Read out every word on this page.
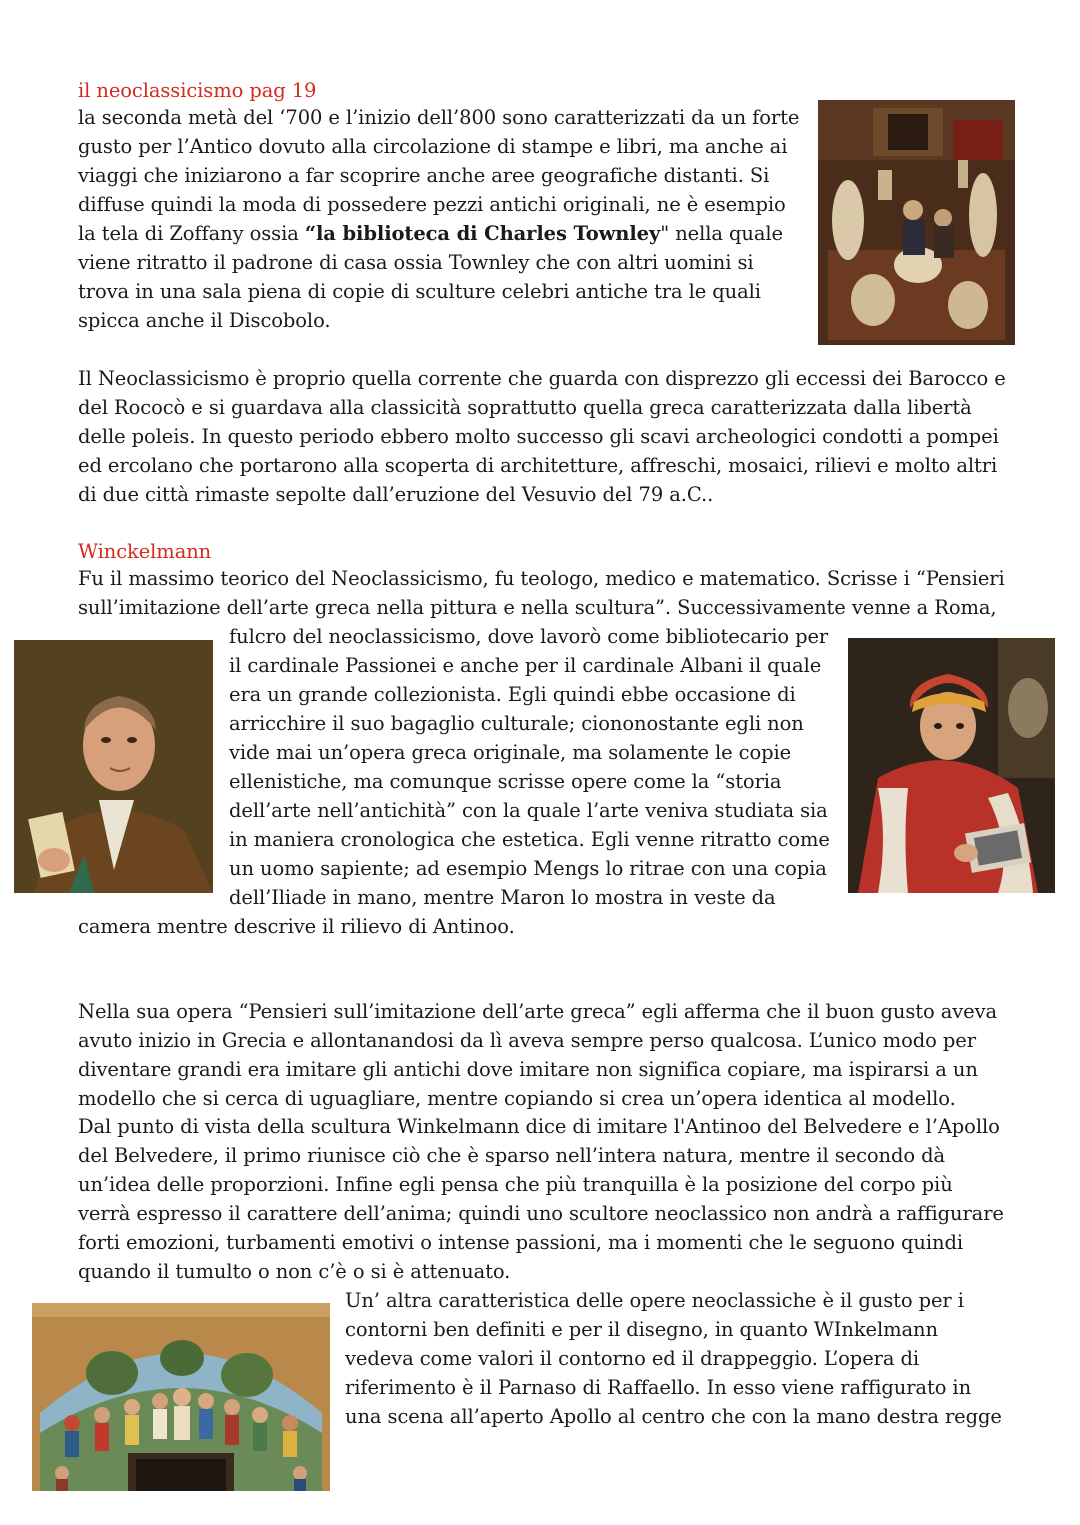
il neoclassicismo pag 19
la seconda metà del ‘700 e l’inizio dell’800 sono caratterizzati da un forte
gusto per l’Antico dovuto alla circolazione di stampe e libri, ma anche ai
viaggi che iniziarono a far scoprire anche aree geografiche distanti. Si
diffuse quindi la moda di possedere pezzi antichi originali, ne è esempio
la tela di Zoffany ossia “la biblioteca di Charles Townley" nella quale
viene ritratto il padrone di casa ossia Townley che con altri uomini si
trova in una sala piena di copie di sculture celebri antiche tra le quali
spicca anche il Discobolo.
Il Neoclassicismo è proprio quella corrente che guarda con disprezzo gli eccessi dei Barocco e
del Rococò e si guardava alla classicità soprattutto quella greca caratterizzata dalla libertà
delle poleis. In questo periodo ebbero molto successo gli scavi archeologici condotti a pompei
ed ercolano che portarono alla scoperta di architetture, affreschi, mosaici, rilievi e molto altri
di due città rimaste sepolte dall’eruzione del Vesuvio del 79 a.C..
Winckelmann
Fu il massimo teorico del Neoclassicismo, fu teologo, medico e matematico. Scrisse i “Pensieri
sull’imitazione dell’arte greca nella pittura e nella scultura”. Successivamente venne a Roma,
fulcro del neoclassicismo, dove lavorò come bibliotecario per
il cardinale Passionei e anche per il cardinale Albani il quale
era un grande collezionista. Egli quindi ebbe occasione di
arricchire il suo bagaglio culturale; ciononostante egli non
vide mai un’opera greca originale, ma solamente le copie
ellenistiche, ma comunque scrisse opere come la “storia
dell’arte nell’antichità” con la quale l’arte veniva studiata sia
in maniera cronologica che estetica. Egli venne ritratto come
un uomo sapiente; ad esempio Mengs lo ritrae con una copia
dell’Iliade in mano, mentre Maron lo mostra in veste da
camera mentre descrive il rilievo di Antinoo.
Nella sua opera “Pensieri sull’imitazione dell’arte greca” egli afferma che il buon gusto aveva
avuto inizio in Grecia e allontanandosi da lì aveva sempre perso qualcosa. L’unico modo per
diventare grandi era imitare gli antichi dove imitare non significa copiare, ma ispirarsi a un
modello che si cerca di uguagliare, mentre copiando si crea un’opera identica al modello.
Dal punto di vista della scultura Winkelmann dice di imitare l'Antinoo del Belvedere e l’Apollo
del Belvedere, il primo riunisce ciò che è sparso nell’intera natura, mentre il secondo dà
un’idea delle proporzioni. Infine egli pensa che più tranquilla è la posizione del corpo più
verrà espresso il carattere dell’anima; quindi uno scultore neoclassico non andrà a raffigurare
forti emozioni, turbamenti emotivi o intense passioni, ma i momenti che le seguono quindi
quando il tumulto o non c’è o si è attenuato.
Un’ altra caratteristica delle opere neoclassiche è il gusto per i
contorni ben definiti e per il disegno, in quanto WInkelmann
vedeva come valori il contorno ed il drappeggio. L’opera di
riferimento è il Parnaso di Raffaello. In esso viene raffigurato in
una scena all’aperto Apollo al centro che con la mano destra regge
